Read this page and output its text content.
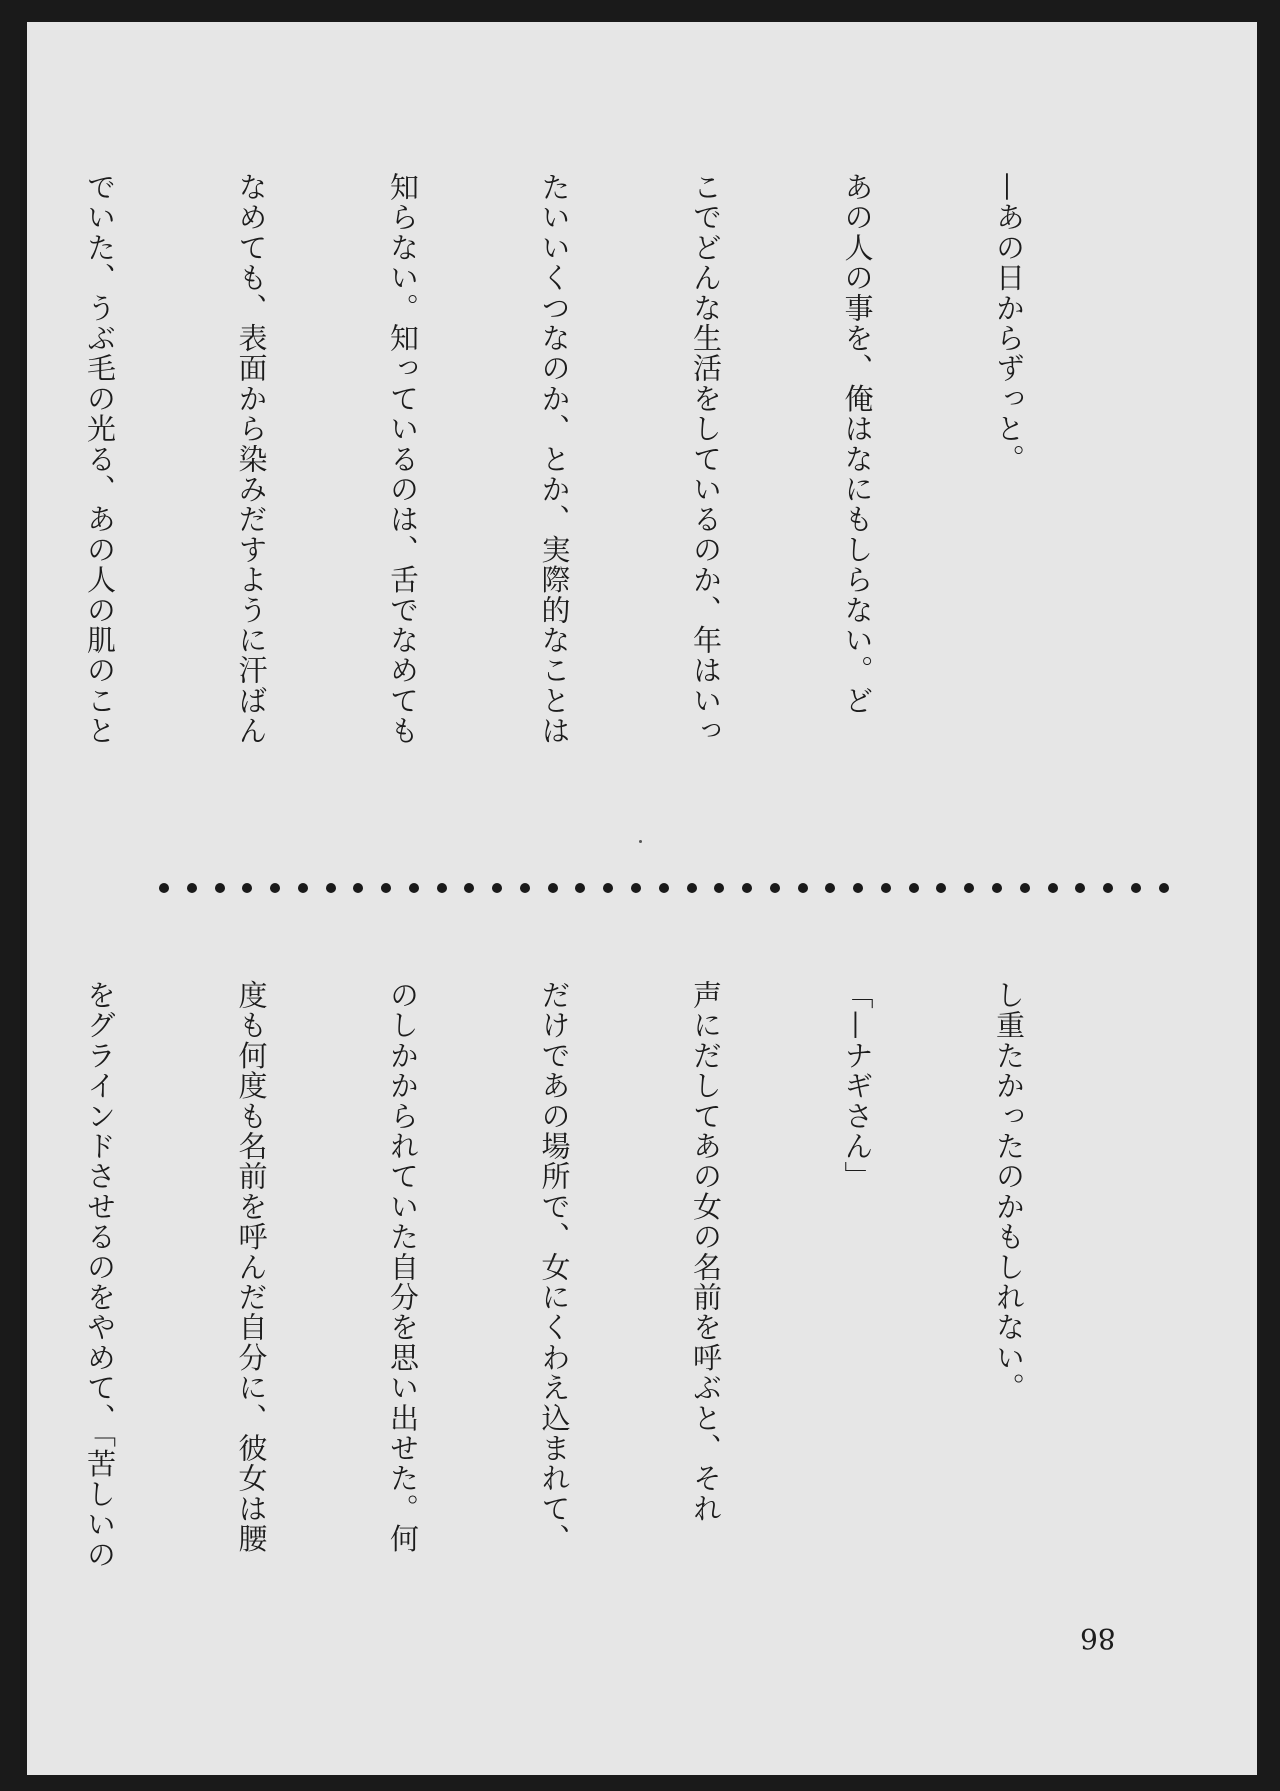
—あの日からずっと。

あの人の事を、俺はなにもしらない。ど

こでどんな生活をしているのか、年はいっ

たいいくつなのか、とか、実際的なことは

知らない。知っているのは、舌でなめても

なめても、表面から染みだすように汗ばん

でいた、うぶ毛の光る、あの人の肌のこと

し重たかったのかもしれない。

「—ナギさん」

声にだしてあの女の名前を呼ぶと、それ

だけであの場所で、女にくわえ込まれて、

のしかかられていた自分を思い出せた。何

度も何度も名前を呼んだ自分に、彼女は腰

をグラインドさせるのをやめて、「苦しいの

86
